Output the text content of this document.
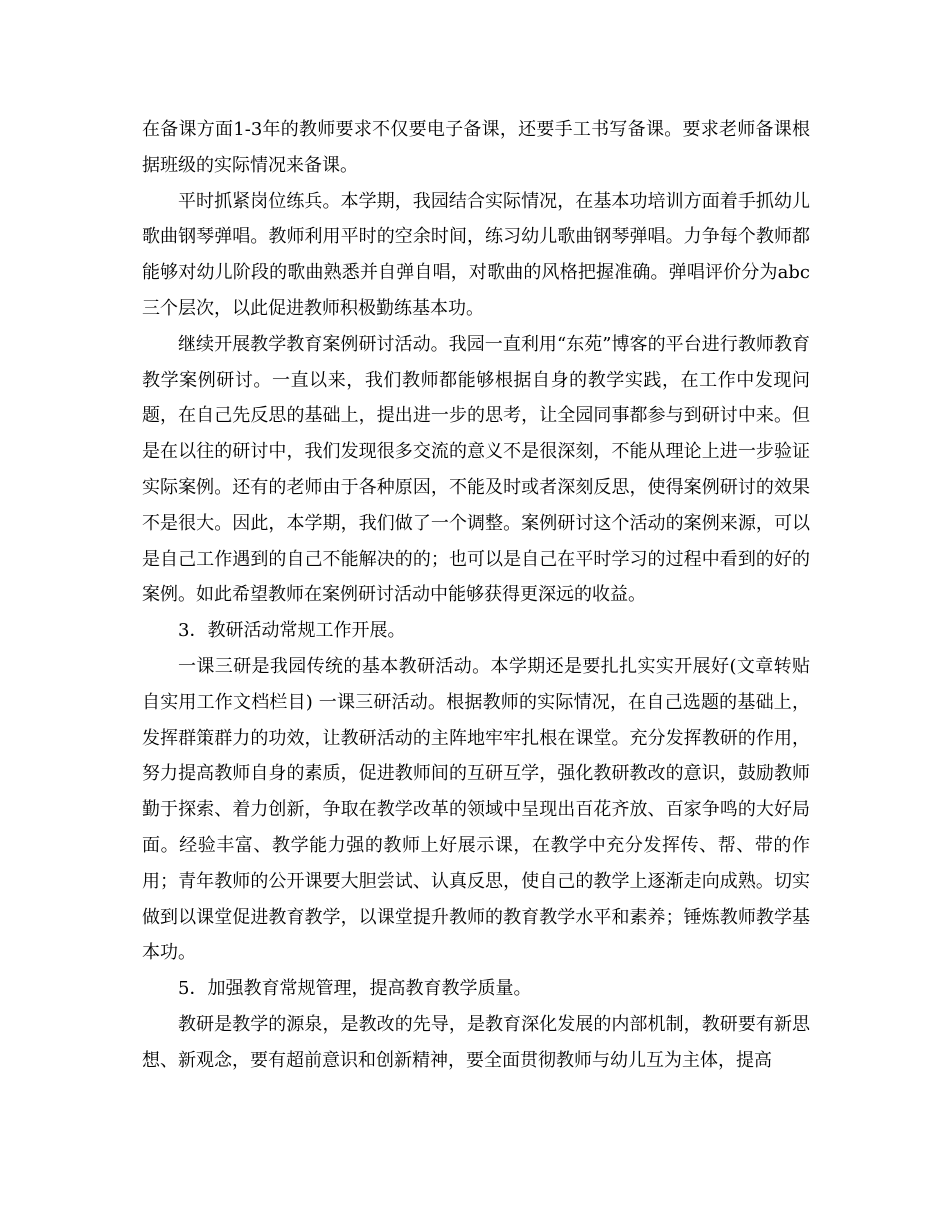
在备课方面1-3年的教师要求不仅要电子备课，还要手工书写备课。要求老师备课根据班级的实际情况来备课。

平时抓紧岗位练兵。本学期，我园结合实际情况，在基本功培训方面着手抓幼儿歌曲钢琴弹唱。教师利用平时的空余时间，练习幼儿歌曲钢琴弹唱。力争每个教师都能够对幼儿阶段的歌曲熟悉并自弹自唱，对歌曲的风格把握准确。弹唱评价分为abc三个层次，以此促进教师积极勤练基本功。

继续开展教学教育案例研讨活动。我园一直利用“东苑”博客的平台进行教师教育教学案例研讨。一直以来，我们教师都能够根据自身的教学实践，在工作中发现问题，在自己先反思的基础上，提出进一步的思考，让全园同事都参与到研讨中来。但是在以往的研讨中，我们发现很多交流的意义不是很深刻，不能从理论上进一步验证实际案例。还有的老师由于各种原因，不能及时或者深刻反思，使得案例研讨的效果不是很大。因此，本学期，我们做了一个调整。案例研讨这个活动的案例来源，可以是自己工作遇到的自己不能解决的的；也可以是自己在平时学习的过程中看到的好的案例。如此希望教师在案例研讨活动中能够获得更深远的收益。

3．教研活动常规工作开展。

一课三研是我园传统的基本教研活动。本学期还是要扎扎实实开展好(文章转贴自实用工作文档栏目) 一课三研活动。根据教师的实际情况，在自己选题的基础上，发挥群策群力的功效，让教研活动的主阵地牢牢扎根在课堂。充分发挥教研的作用，努力提高教师自身的素质，促进教师间的互研互学，强化教研教改的意识，鼓励教师勤于探索、着力创新，争取在教学改革的领域中呈现出百花齐放、百家争鸣的大好局面。经验丰富、教学能力强的教师上好展示课，在教学中充分发挥传、帮、带的作用；青年教师的公开课要大胆尝试、认真反思，使自己的教学上逐渐走向成熟。切实做到以课堂促进教育教学，以课堂提升教师的教育教学水平和素养；锤炼教师教学基本功。

5．加强教育常规管理，提高教育教学质量。

教研是教学的源泉，是教改的先导，是教育深化发展的内部机制，教研要有新思想、新观念，要有超前意识和创新精神，要全面贯彻教师与幼儿互为主体，提高
